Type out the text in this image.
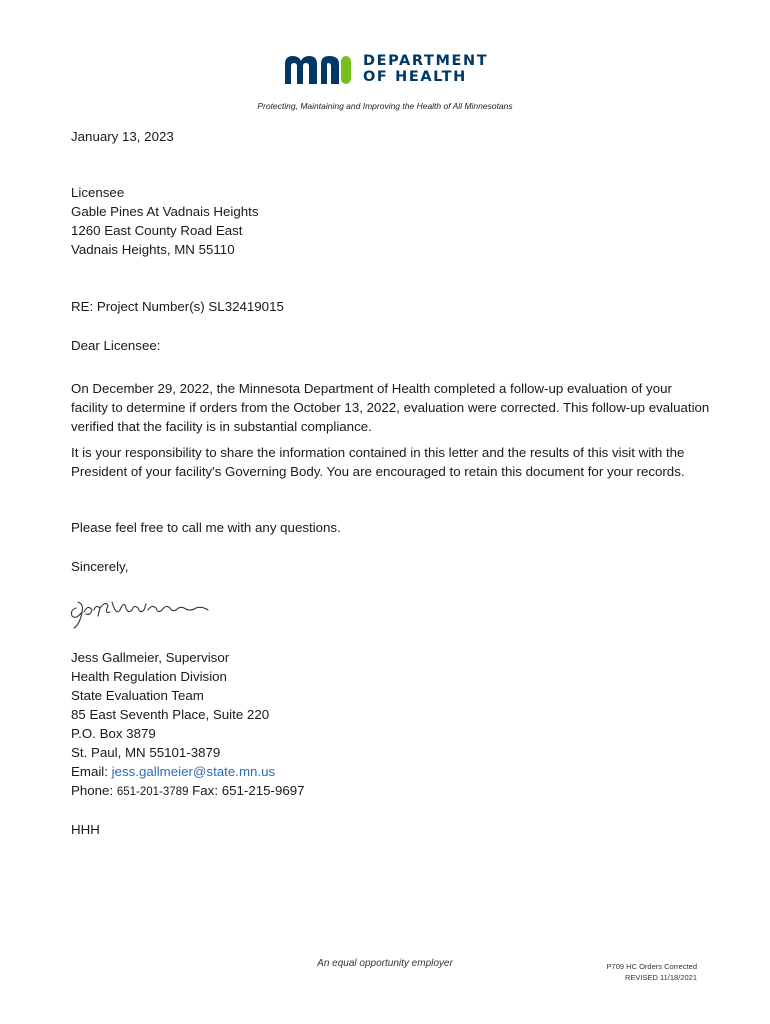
DEPARTMENT
OF HEALTH
Protecting, Maintaining and Improving the Health of All Minnesotans
January 13, 2023

Licensee

Gable Pines At Vadnais Heights

1260 East County Road East

Vadnais Heights, MN 55110

RE: Project Number(s) SL32419015
Dear Licensee:
On December 29, 2022, the Minnesota Department of Health completed a follow-up evaluation of your facility to determine if orders from the October 13, 2022, evaluation were corrected. This follow-up evaluation verified that the facility is in substantial compliance.
It is your responsibility to share the information contained in this letter and the results of this visit with the President of your facility's Governing Body. You are encouraged to retain this document for your records.
Please feel free to call me with any questions.
Sincerely,

Jess Gallmeier, Supervisor

Health Regulation Division

State Evaluation Team

85 East Seventh Place, Suite 220

P.O. Box 3879

St. Paul, MN 55101-3879

Email: jess.gallmeier@state.mn.us

Phone: 651-201-3789 Fax: 651-215-9697

HHH
An equal opportunity employer	P709 HC Orders Corrected
REVISED 11/18/2021
